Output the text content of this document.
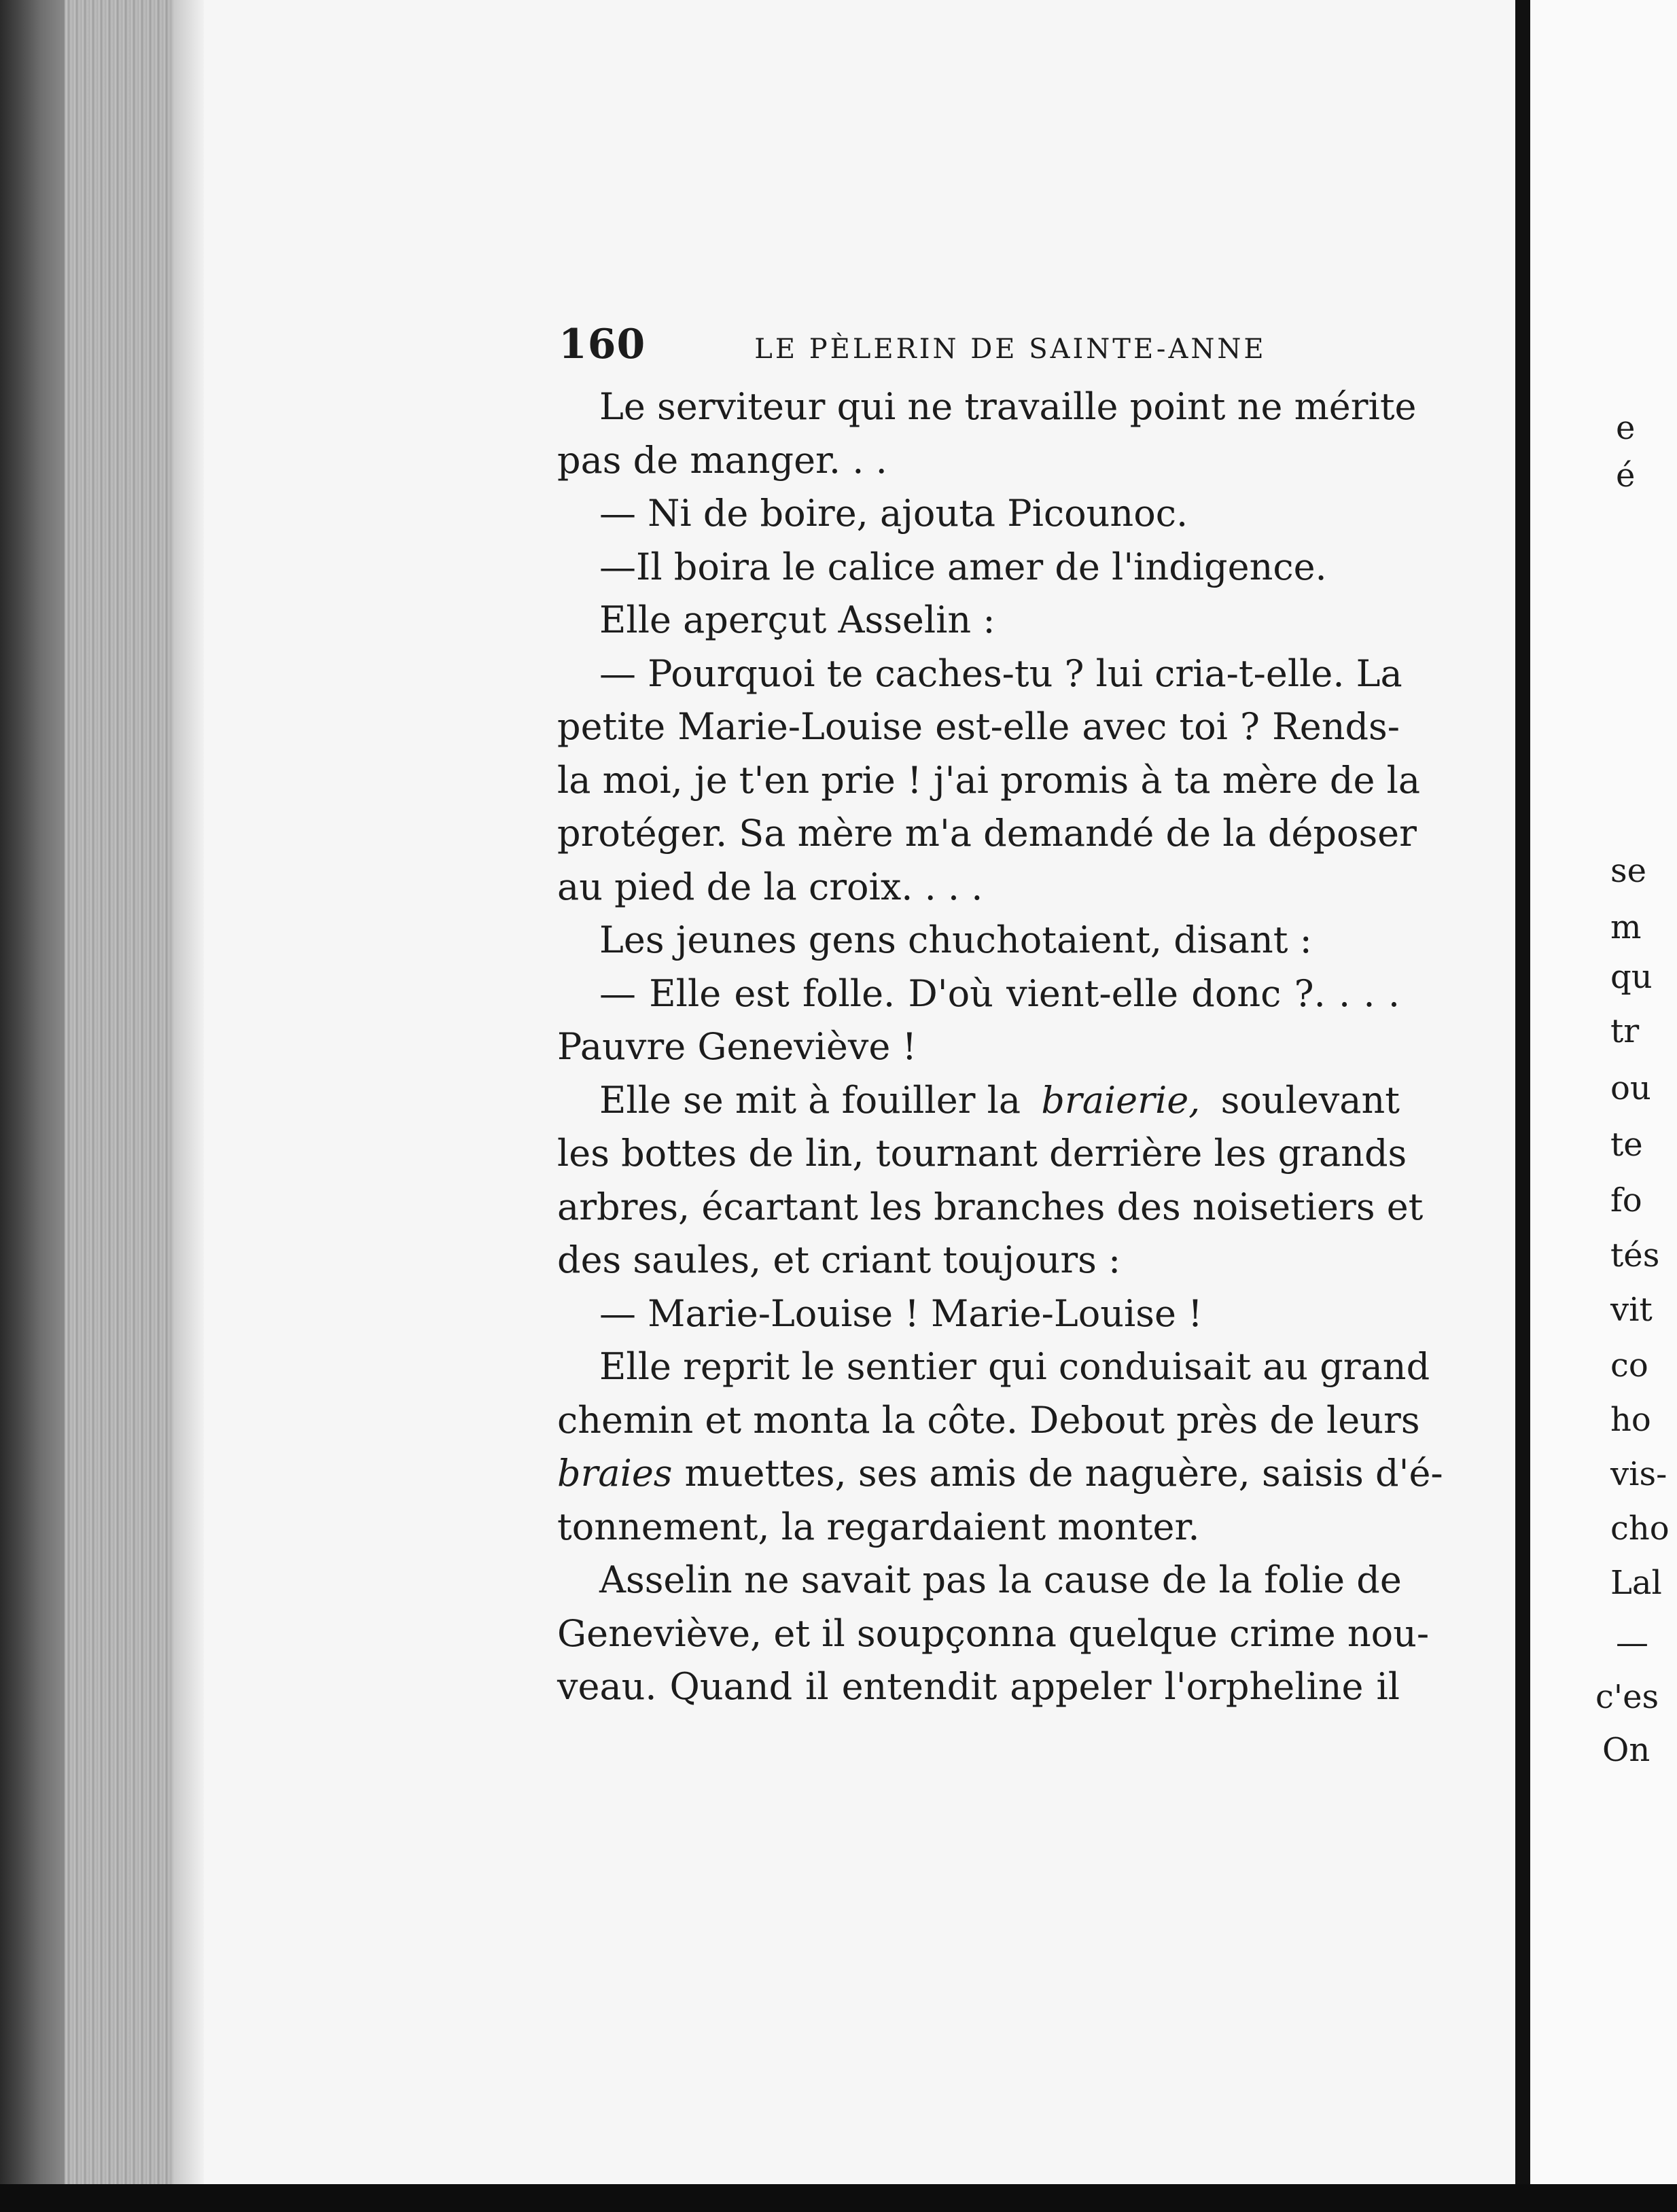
160	LE PÈLERIN DE SAINTE-ANNE
Le serviteur qui ne travaille point ne mérite
pas de manger. . .
— Ni de boire, ajouta Picounoc.
—Il boira le calice amer de l'indigence.
Elle aperçut Asselin :
— Pourquoi te caches-tu ? lui cria-t-elle. La
petite Marie-Louise est-elle avec toi ? Rends-
la moi, je t'en prie ! j'ai promis à ta mère de la
protéger. Sa mère m'a demandé de la déposer
au pied de la croix. . . .
Les jeunes gens chuchotaient, disant :
— Elle est folle. D'où vient-elle donc ?. . . .
Pauvre Geneviève !
Elle se mit à fouiller la braierie, soulevant
les bottes de lin, tournant derrière les grands
arbres, écartant les branches des noisetiers et
des saules, et criant toujours :
— Marie-Louise ! Marie-Louise !
Elle reprit le sentier qui conduisait au grand
chemin et monta la côte. Debout près de leurs
braies muettes, ses amis de naguère, saisis d'é-
tonnement, la regardaient monter.
Asselin ne savait pas la cause de la folie de
Geneviève, et il soupçonna quelque crime nou-
veau. Quand il entendit appeler l'orpheline il
e
é
se
m
qu
tr
ou
te
fo
tés
vit
co
ho
vis-
cho
Lal
—
c'es
On
